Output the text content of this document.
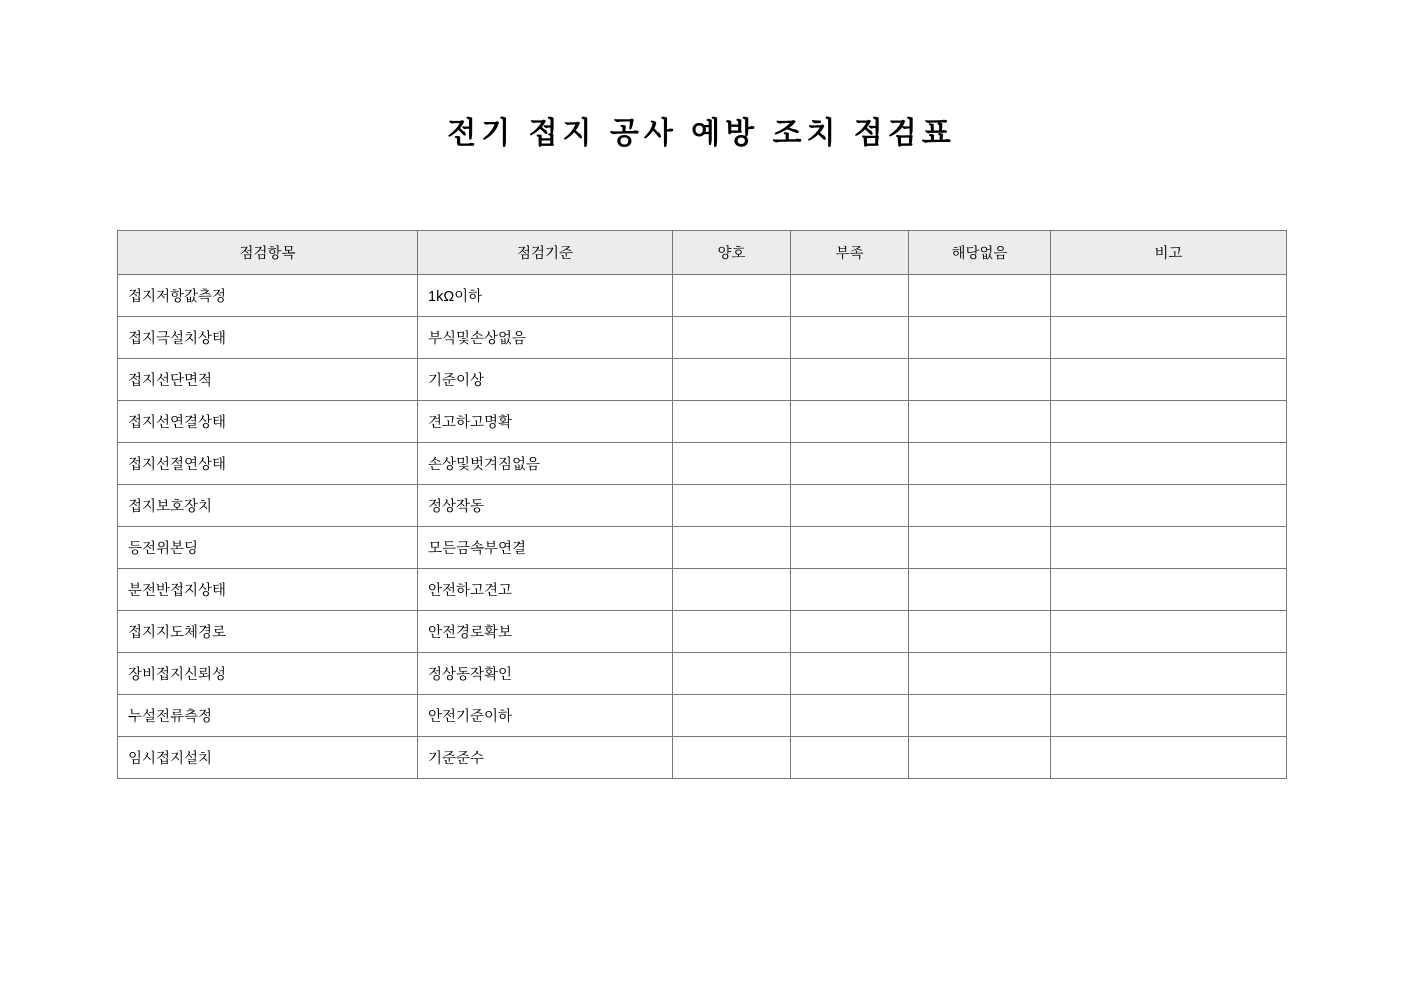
전기 접지 공사 예방 조치 점검표
점검항목	점검기준	양호	부족	해당없음	비고
접지저항값측정	1kΩ이하				
접지극설치상태	부식및손상없음				
접지선단면적	기준이상				
접지선연결상태	견고하고명확				
접지선절연상태	손상및벗겨짐없음				
접지보호장치	정상작동				
등전위본딩	모든금속부연결				
분전반접지상태	안전하고견고				
접지지도체경로	안전경로확보				
장비접지신뢰성	정상동작확인				
누설전류측정	안전기준이하				
임시접지설치	기준준수				
